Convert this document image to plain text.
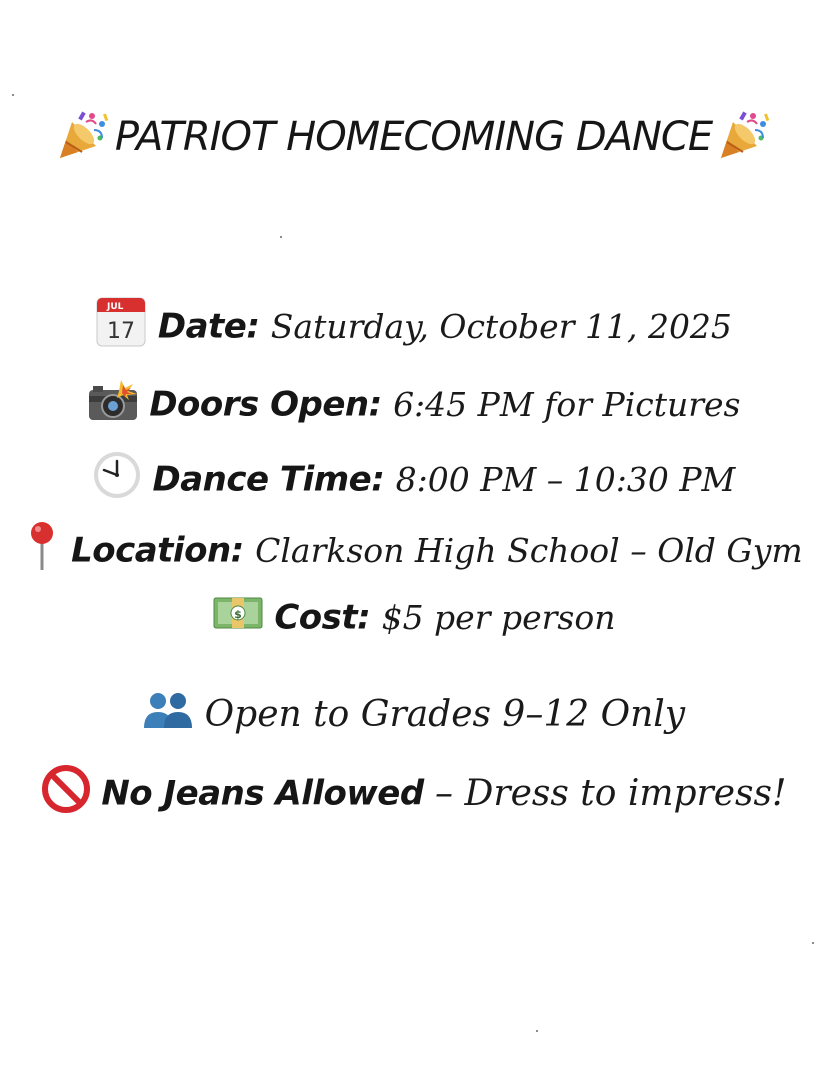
PATRIOT HOMECOMING DANCE
JUL
17 Date: Saturday, October 11, 2025
Doors Open: 6:45 PM for Pictures
Dance Time: 8:00 PM – 10:30 PM
Location: Clarkson High School – Old Gym
$ Cost: $5 per person
Open to Grades 9–12 Only
No Jeans Allowed – Dress to impress!
